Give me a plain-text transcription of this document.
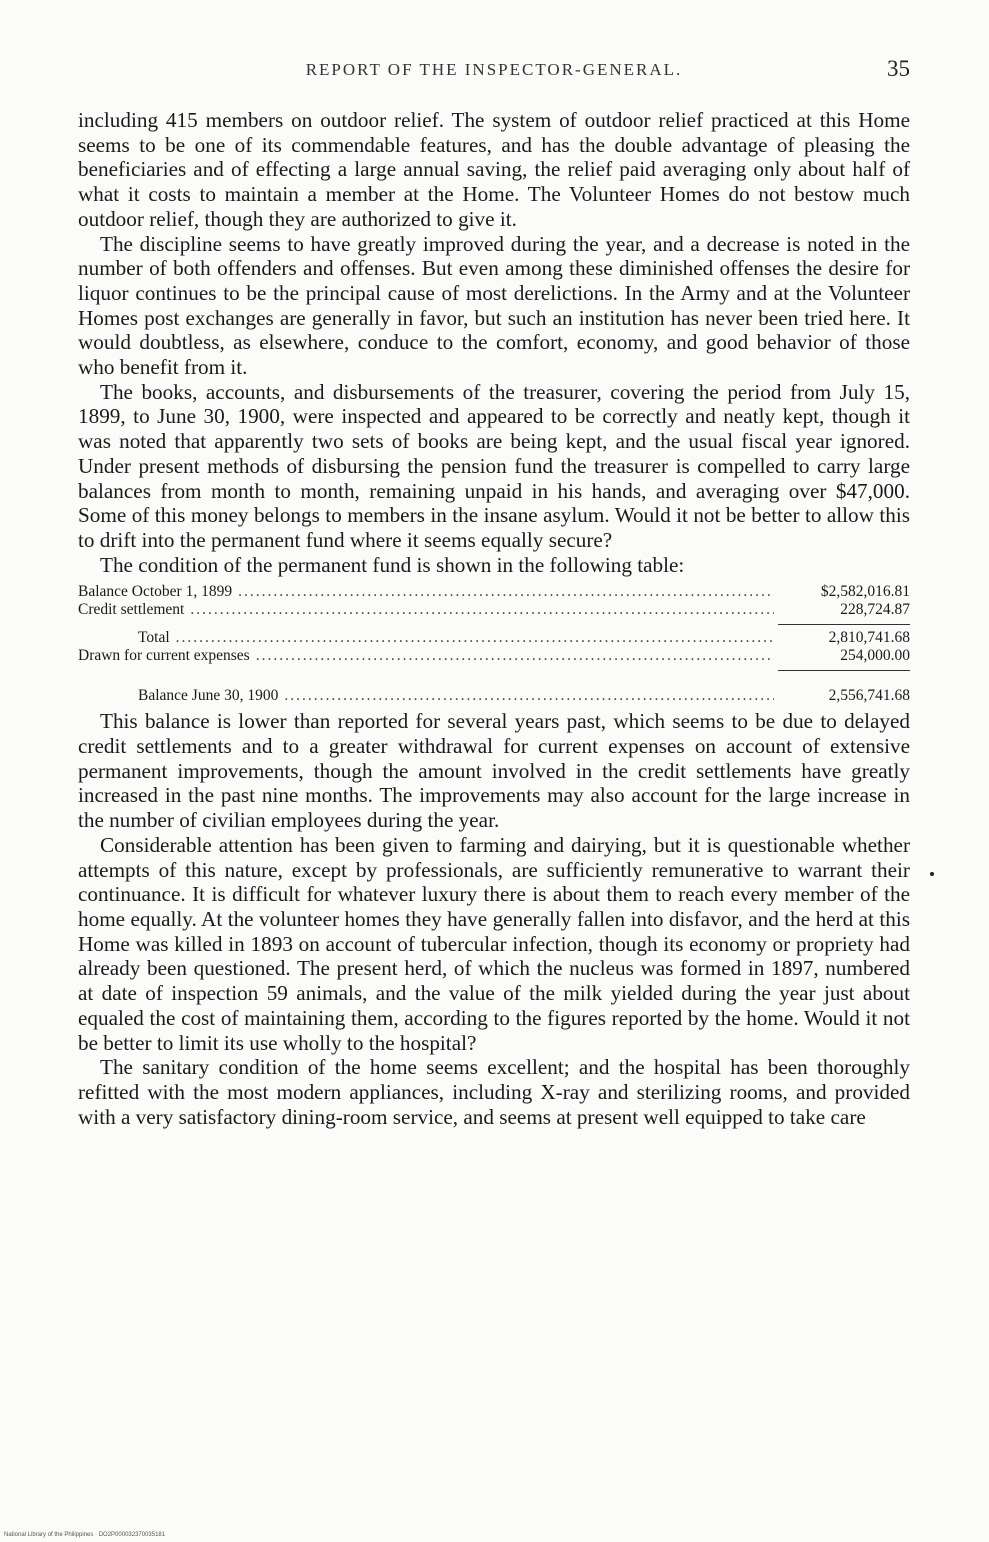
REPORT OF THE INSPECTOR-GENERAL.	35

including 415 members on outdoor relief. The system of outdoor relief practiced at this Home seems to be one of its commendable features, and has the double advantage of pleasing the beneficiaries and of effecting a large annual saving, the relief paid averaging only about half of what it costs to maintain a member at the Home. The Volunteer Homes do not bestow much outdoor relief, though they are authorized to give it.

The discipline seems to have greatly improved during the year, and a decrease is noted in the number of both offenders and offenses. But even among these diminished offenses the desire for liquor continues to be the principal cause of most derelictions. In the Army and at the Volunteer Homes post exchanges are generally in favor, but such an institution has never been tried here. It would doubtless, as elsewhere, conduce to the comfort, economy, and good behavior of those who benefit from it.

The books, accounts, and disbursements of the treasurer, covering the period from July 15, 1899, to June 30, 1900, were inspected and appeared to be correctly and neatly kept, though it was noted that apparently two sets of books are being kept, and the usual fiscal year ignored. Under present methods of disbursing the pension fund the treasurer is compelled to carry large balances from month to month, remaining unpaid in his hands, and averaging over $47,000. Some of this money belongs to members in the insane asylum. Would it not be better to allow this to drift into the permanent fund where it seems equally secure?

The condition of the permanent fund is shown in the following table:

Balance October 1, 1899 .....	$2,582,016.81
Credit settlement .....	228,724.87
Total .....	2,810,741.68
Drawn for current expenses .....	254,000.00
Balance June 30, 1900 .....	2,556,741.68

This balance is lower than reported for several years past, which seems to be due to delayed credit settlements and to a greater withdrawal for current expenses on account of extensive permanent improvements, though the amount involved in the credit settlements have greatly increased in the past nine months. The improvements may also account for the large increase in the number of civilian employees during the year.

Considerable attention has been given to farming and dairying, but it is questionable whether attempts of this nature, except by professionals, are sufficiently remunerative to warrant their continuance. It is difficult for whatever luxury there is about them to reach every member of the home equally. At the volunteer homes they have generally fallen into disfavor, and the herd at this Home was killed in 1893 on account of tubercular infection, though its economy or propriety had already been questioned. The present herd, of which the nucleus was formed in 1897, numbered at date of inspection 59 animals, and the value of the milk yielded during the year just about equaled the cost of maintaining them, according to the figures reported by the home. Would it not be better to limit its use wholly to the hospital?

The sanitary condition of the home seems excellent; and the hospital has been thoroughly refitted with the most modern appliances, including X-ray and sterilizing rooms, and provided with a very satisfactory dining-room service, and seems at present well equipped to take care

National Library of the Philippines · DO2P000032370035181
